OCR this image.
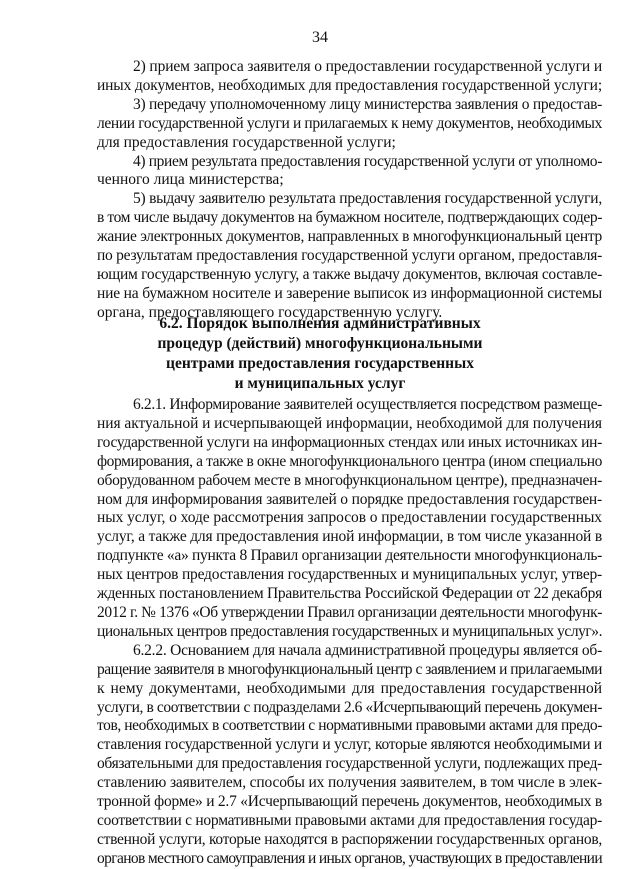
34
2) прием запроса заявителя о предоставлении государственной услуги и
иных документов, необходимых для предоставления государственной услуги;
3) передачу уполномоченному лицу министерства заявления о предостав-
лении государственной услуги и прилагаемых к нему документов, необходимых
для предоставления государственной услуги;
4) прием результата предоставления государственной услуги от уполномо-
ченного лица министерства;
5) выдачу заявителю результата предоставления государственной услуги,
в том числе выдачу документов на бумажном носителе, подтверждающих содер-
жание электронных документов, направленных в многофункциональный центр
по результатам предоставления государственной услуги органом, предоставля-
ющим государственную услугу, а также выдачу документов, включая составле-
ние на бумажном носителе и заверение выписок из информационной системы
органа, предоставляющего государственную услугу.
6.2. Порядок выполнения административных
процедур (действий) многофункциональными
центрами предоставления государственных
и муниципальных услуг
6.2.1. Информирование заявителей осуществляется посредством размеще-
ния актуальной и исчерпывающей информации, необходимой для получения
государственной услуги на информационных стендах или иных источниках ин-
формирования, а также в окне многофункционального центра (ином специально
оборудованном рабочем месте в многофункциональном центре), предназначен-
ном для информирования заявителей о порядке предоставления государствен-
ных услуг, о ходе рассмотрения запросов о предоставлении государственных
услуг, а также для предоставления иной информации, в том числе указанной в
подпункте «а» пункта 8 Правил организации деятельности многофункциональ-
ных центров предоставления государственных и муниципальных услуг, утвер-
жденных постановлением Правительства Российской Федерации от 22 декабря
2012 г. № 1376 «Об утверждении Правил организации деятельности многофунк-
циональных центров предоставления государственных и муниципальных услуг».
6.2.2. Основанием для начала административной процедуры является об-
ращение заявителя в многофункциональный центр с заявлением и прилагаемыми
к нему документами, необходимыми для предоставления государственной
услуги, в соответствии с подразделами 2.6 «Исчерпывающий перечень докумен-
тов, необходимых в соответствии с нормативными правовыми актами для предо-
ставления государственной услуги и услуг, которые являются необходимыми и
обязательными для предоставления государственной услуги, подлежащих пред-
ставлению заявителем, способы их получения заявителем, в том числе в элек-
тронной форме» и 2.7 «Исчерпывающий перечень документов, необходимых в
соответствии с нормативными правовыми актами для предоставления государ-
ственной услуги, которые находятся в распоряжении государственных органов,
органов местного самоуправления и иных органов, участвующих в предоставлении
